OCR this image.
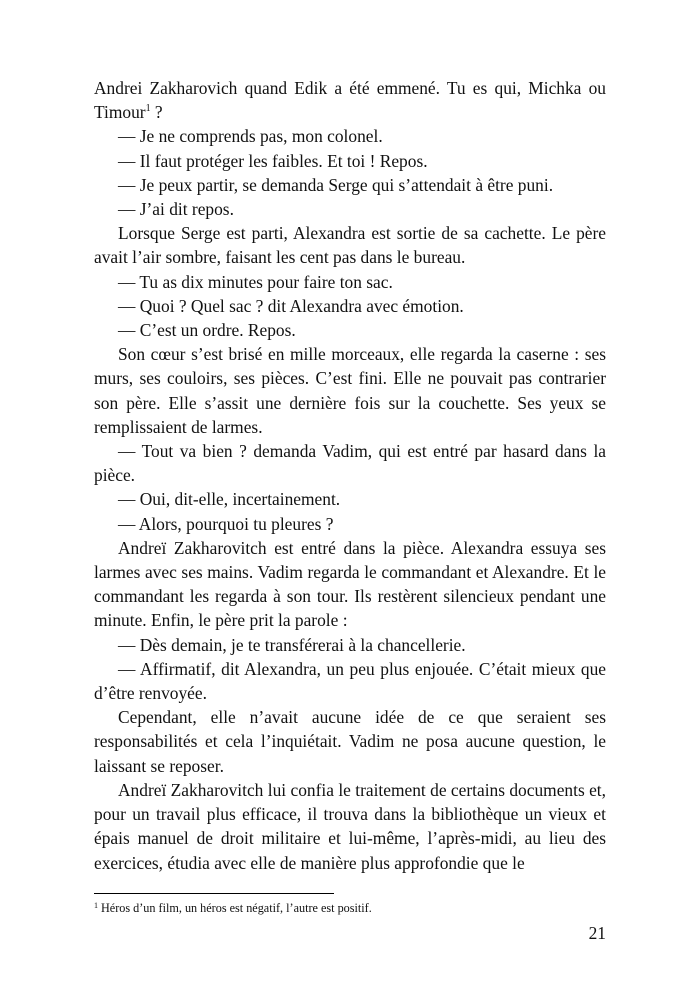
Andrei Zakharovich quand Edik a été emmené. Tu es qui, Michka ou Timour$^1$ ?

— Je ne comprends pas, mon colonel.

— Il faut protéger les faibles. Et toi ! Repos.

— Je peux partir, se demanda Serge qui s’attendait à être puni.

— J’ai dit repos.

Lorsque Serge est parti, Alexandra est sortie de sa cachette. Le père avait l’air sombre, faisant les cent pas dans le bureau.

— Tu as dix minutes pour faire ton sac.

— Quoi ? Quel sac ? dit Alexandra avec émotion.

— C’est un ordre. Repos.

Son cœur s’est brisé en mille morceaux, elle regarda la caserne : ses murs, ses couloirs, ses pièces. C’est fini. Elle ne pouvait pas contrarier son père. Elle s’assit une dernière fois sur la couchette. Ses yeux se remplissaient de larmes.

— Tout va bien ? demanda Vadim, qui est entré par hasard dans la pièce.

— Oui, dit-elle, incertainement.

— Alors, pourquoi tu pleures ?

Andreï Zakharovitch est entré dans la pièce. Alexandra essuya ses larmes avec ses mains. Vadim regarda le commandant et Alexandre. Et le commandant les regarda à son tour. Ils restèrent silencieux pendant une minute. Enfin, le père prit la parole :

— Dès demain, je te transférerai à la chancellerie.

— Affirmatif, dit Alexandra, un peu plus enjouée. C’était mieux que d’être renvoyée.

Cependant, elle n’avait aucune idée de ce que seraient ses responsabilités et cela l’inquiétait. Vadim ne posa aucune question, le laissant se reposer.

Andreï Zakharovitch lui confia le traitement de certains documents et, pour un travail plus efficace, il trouva dans la bibliothèque un vieux et épais manuel de droit militaire et lui-même, l’après-midi, au lieu des exercices, étudia avec elle de manière plus approfondie que le

$^1$ Héros d’un film, un héros est négatif, l’autre est positif.
21
